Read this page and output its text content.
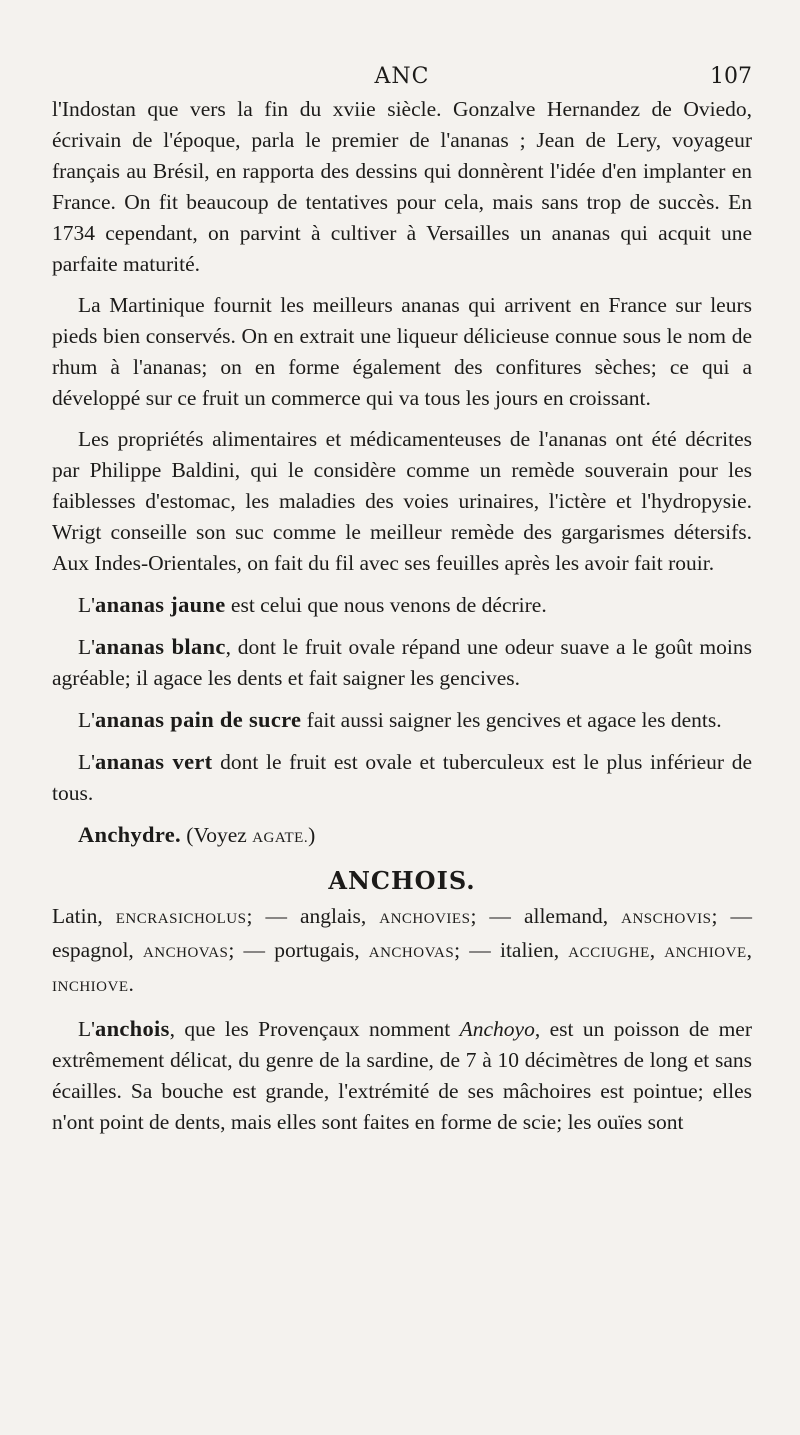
ANC	107

l'Indostan que vers la fin du xviie siècle. Gonzalve Hernandez de Oviedo, écrivain de l'époque, parla le premier de l'ananas ; Jean de Lery, voyageur français au Brésil, en rapporta des dessins qui donnèrent l'idée d'en implanter en France. On fit beaucoup de tentatives pour cela, mais sans trop de succès. En 1734 cependant, on parvint à cultiver à Versailles un ananas qui acquit une parfaite maturité.

La Martinique fournit les meilleurs ananas qui arrivent en France sur leurs pieds bien conservés. On en extrait une liqueur délicieuse connue sous le nom de rhum à l'ananas; on en forme également des confitures sèches; ce qui a développé sur ce fruit un commerce qui va tous les jours en croissant.

Les propriétés alimentaires et médicamenteuses de l'ananas ont été décrites par Philippe Baldini, qui le considère comme un remède souverain pour les faiblesses d'estomac, les maladies des voies urinaires, l'ictère et l'hydropysie. Wrigt conseille son suc comme le meilleur remède des gargarismes détersifs. Aux Indes-Orientales, on fait du fil avec ses feuilles après les avoir fait rouir.

L'ananas jaune est celui que nous venons de décrire.

L'ananas blanc, dont le fruit ovale répand une odeur suave a le goût moins agréable; il agace les dents et fait saigner les gencives.

L'ananas pain de sucre fait aussi saigner les gencives et agace les dents.

L'ananas vert dont le fruit est ovale et tuberculeux est le plus inférieur de tous.

Anchydre. (Voyez AGATE.)

ANCHOIS.

Latin, ENCRASICHOLUS; — anglais, ANCHOVIES; — allemand, ANSCHOVIS; — espagnol, ANCHOVAS; — portugais, ANCHOVAS; — italien, ACCIUGHE, ANCHIOVE, INCHIOVE.

L'anchois, que les Provençaux nomment Anchoyo, est un poisson de mer extrêmement délicat, du genre de la sardine, de 7 à 10 décimètres de long et sans écailles. Sa bouche est grande, l'extrémité de ses mâchoires est pointue; elles n'ont point de dents, mais elles sont faites en forme de scie; les ouïes sont
